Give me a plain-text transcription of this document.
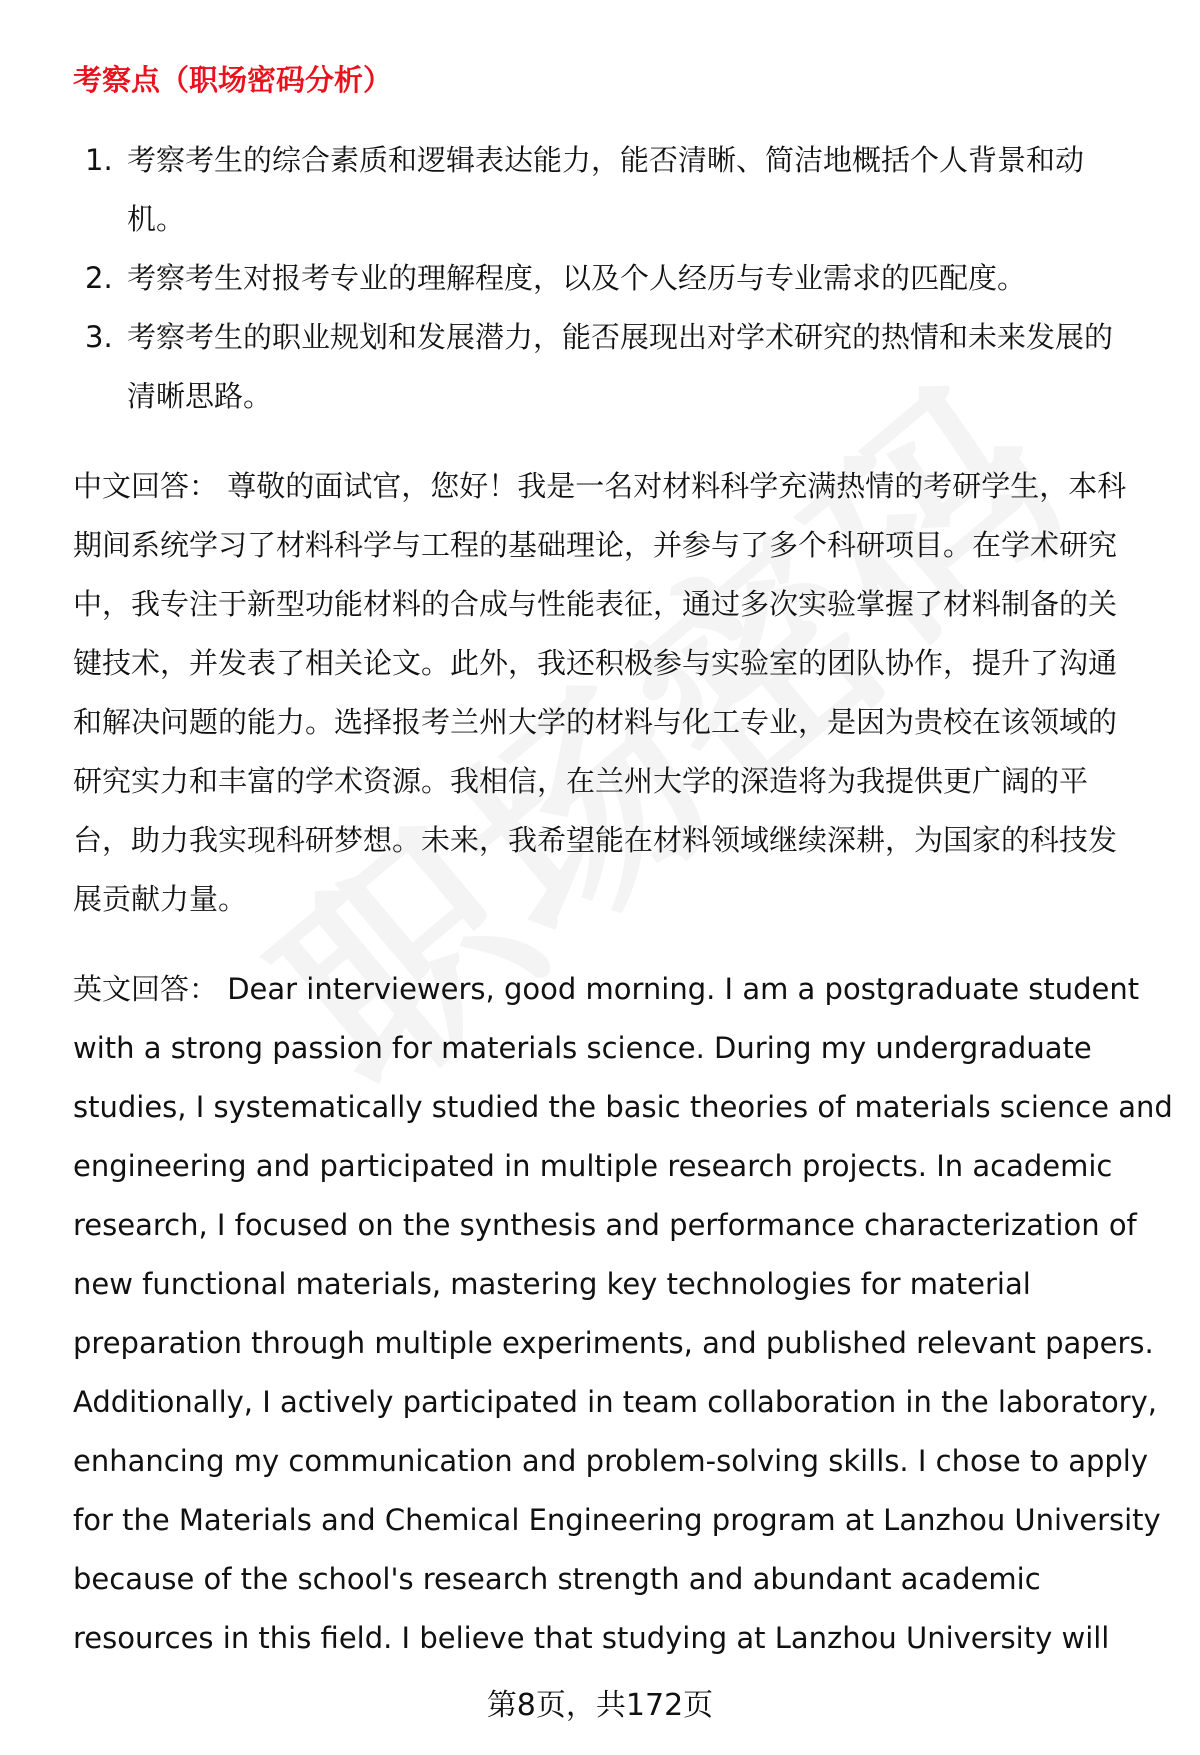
考察点（职场密码分析）
1. 考察考生的综合素质和逻辑表达能力，能否清晰、简洁地概括个人背景和动
机。
2. 考察考生对报考专业的理解程度，以及个人经历与专业需求的匹配度。
3. 考察考生的职业规划和发展潜力，能否展现出对学术研究的热情和未来发展的
清晰思路。
中文回答： 尊敬的面试官，您好！我是一名对材料科学充满热情的考研学生，本科
期间系统学习了材料科学与工程的基础理论，并参与了多个科研项目。在学术研究
中，我专注于新型功能材料的合成与性能表征，通过多次实验掌握了材料制备的关
键技术，并发表了相关论文。此外，我还积极参与实验室的团队协作，提升了沟通
和解决问题的能力。选择报考兰州大学的材料与化工专业，是因为贵校在该领域的
研究实力和丰富的学术资源。我相信，在兰州大学的深造将为我提供更广阔的平
台，助力我实现科研梦想。未来，我希望能在材料领域继续深耕，为国家的科技发
展贡献力量。
英文回答： Dear interviewers, good morning. I am a postgraduate student
with a strong passion for materials science. During my undergraduate
studies, I systematically studied the basic theories of materials science and
engineering and participated in multiple research projects. In academic
research, I focused on the synthesis and performance characterization of
new functional materials, mastering key technologies for material
preparation through multiple experiments, and published relevant papers.
Additionally, I actively participated in team collaboration in the laboratory,
enhancing my communication and problem-solving skills. I chose to apply
for the Materials and Chemical Engineering program at Lanzhou University
because of the school's research strength and abundant academic
resources in this field. I believe that studying at Lanzhou University will
第8页，共172页
